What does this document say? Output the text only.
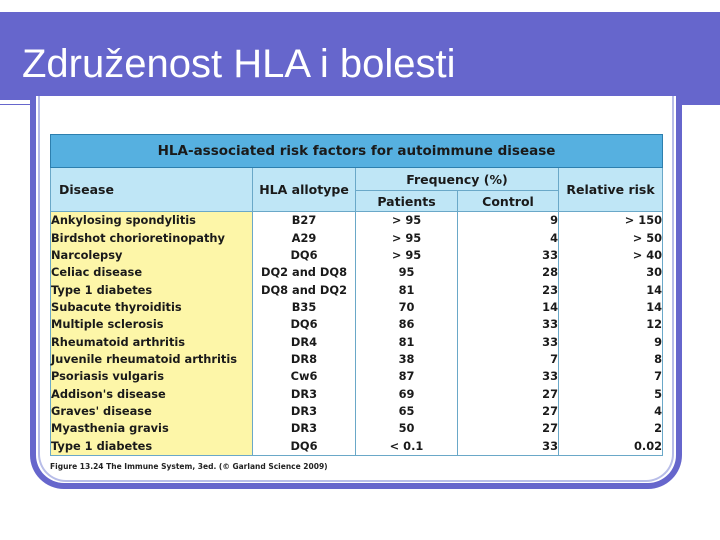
Združenost HLA i bolesti
HLA-associated risk factors for autoimmune disease				
Disease	HLA allotype	Frequency (%)		Relative risk
		Patients	Control	
Ankylosing spondylitis	B27	> 95	9	> 150
Birdshot chorioretinopathy	A29	> 95	4	> 50
Narcolepsy	DQ6	> 95	33	> 40
Celiac disease	DQ2 and DQ8	95	28	30
Type 1 diabetes	DQ8 and DQ2	81	23	14
Subacute thyroiditis	B35	70	14	14
Multiple sclerosis	DQ6	86	33	12
Rheumatoid arthritis	DR4	81	33	9
Juvenile rheumatoid arthritis	DR8	38	7	8
Psoriasis vulgaris	Cw6	87	33	7
Addison's disease	DR3	69	27	5
Graves' disease	DR3	65	27	4
Myasthenia gravis	DR3	50	27	2
Type 1 diabetes	DQ6	< 0.1	33	0.02
Figure 13.24 The Immune System, 3ed. (© Garland Science 2009)
